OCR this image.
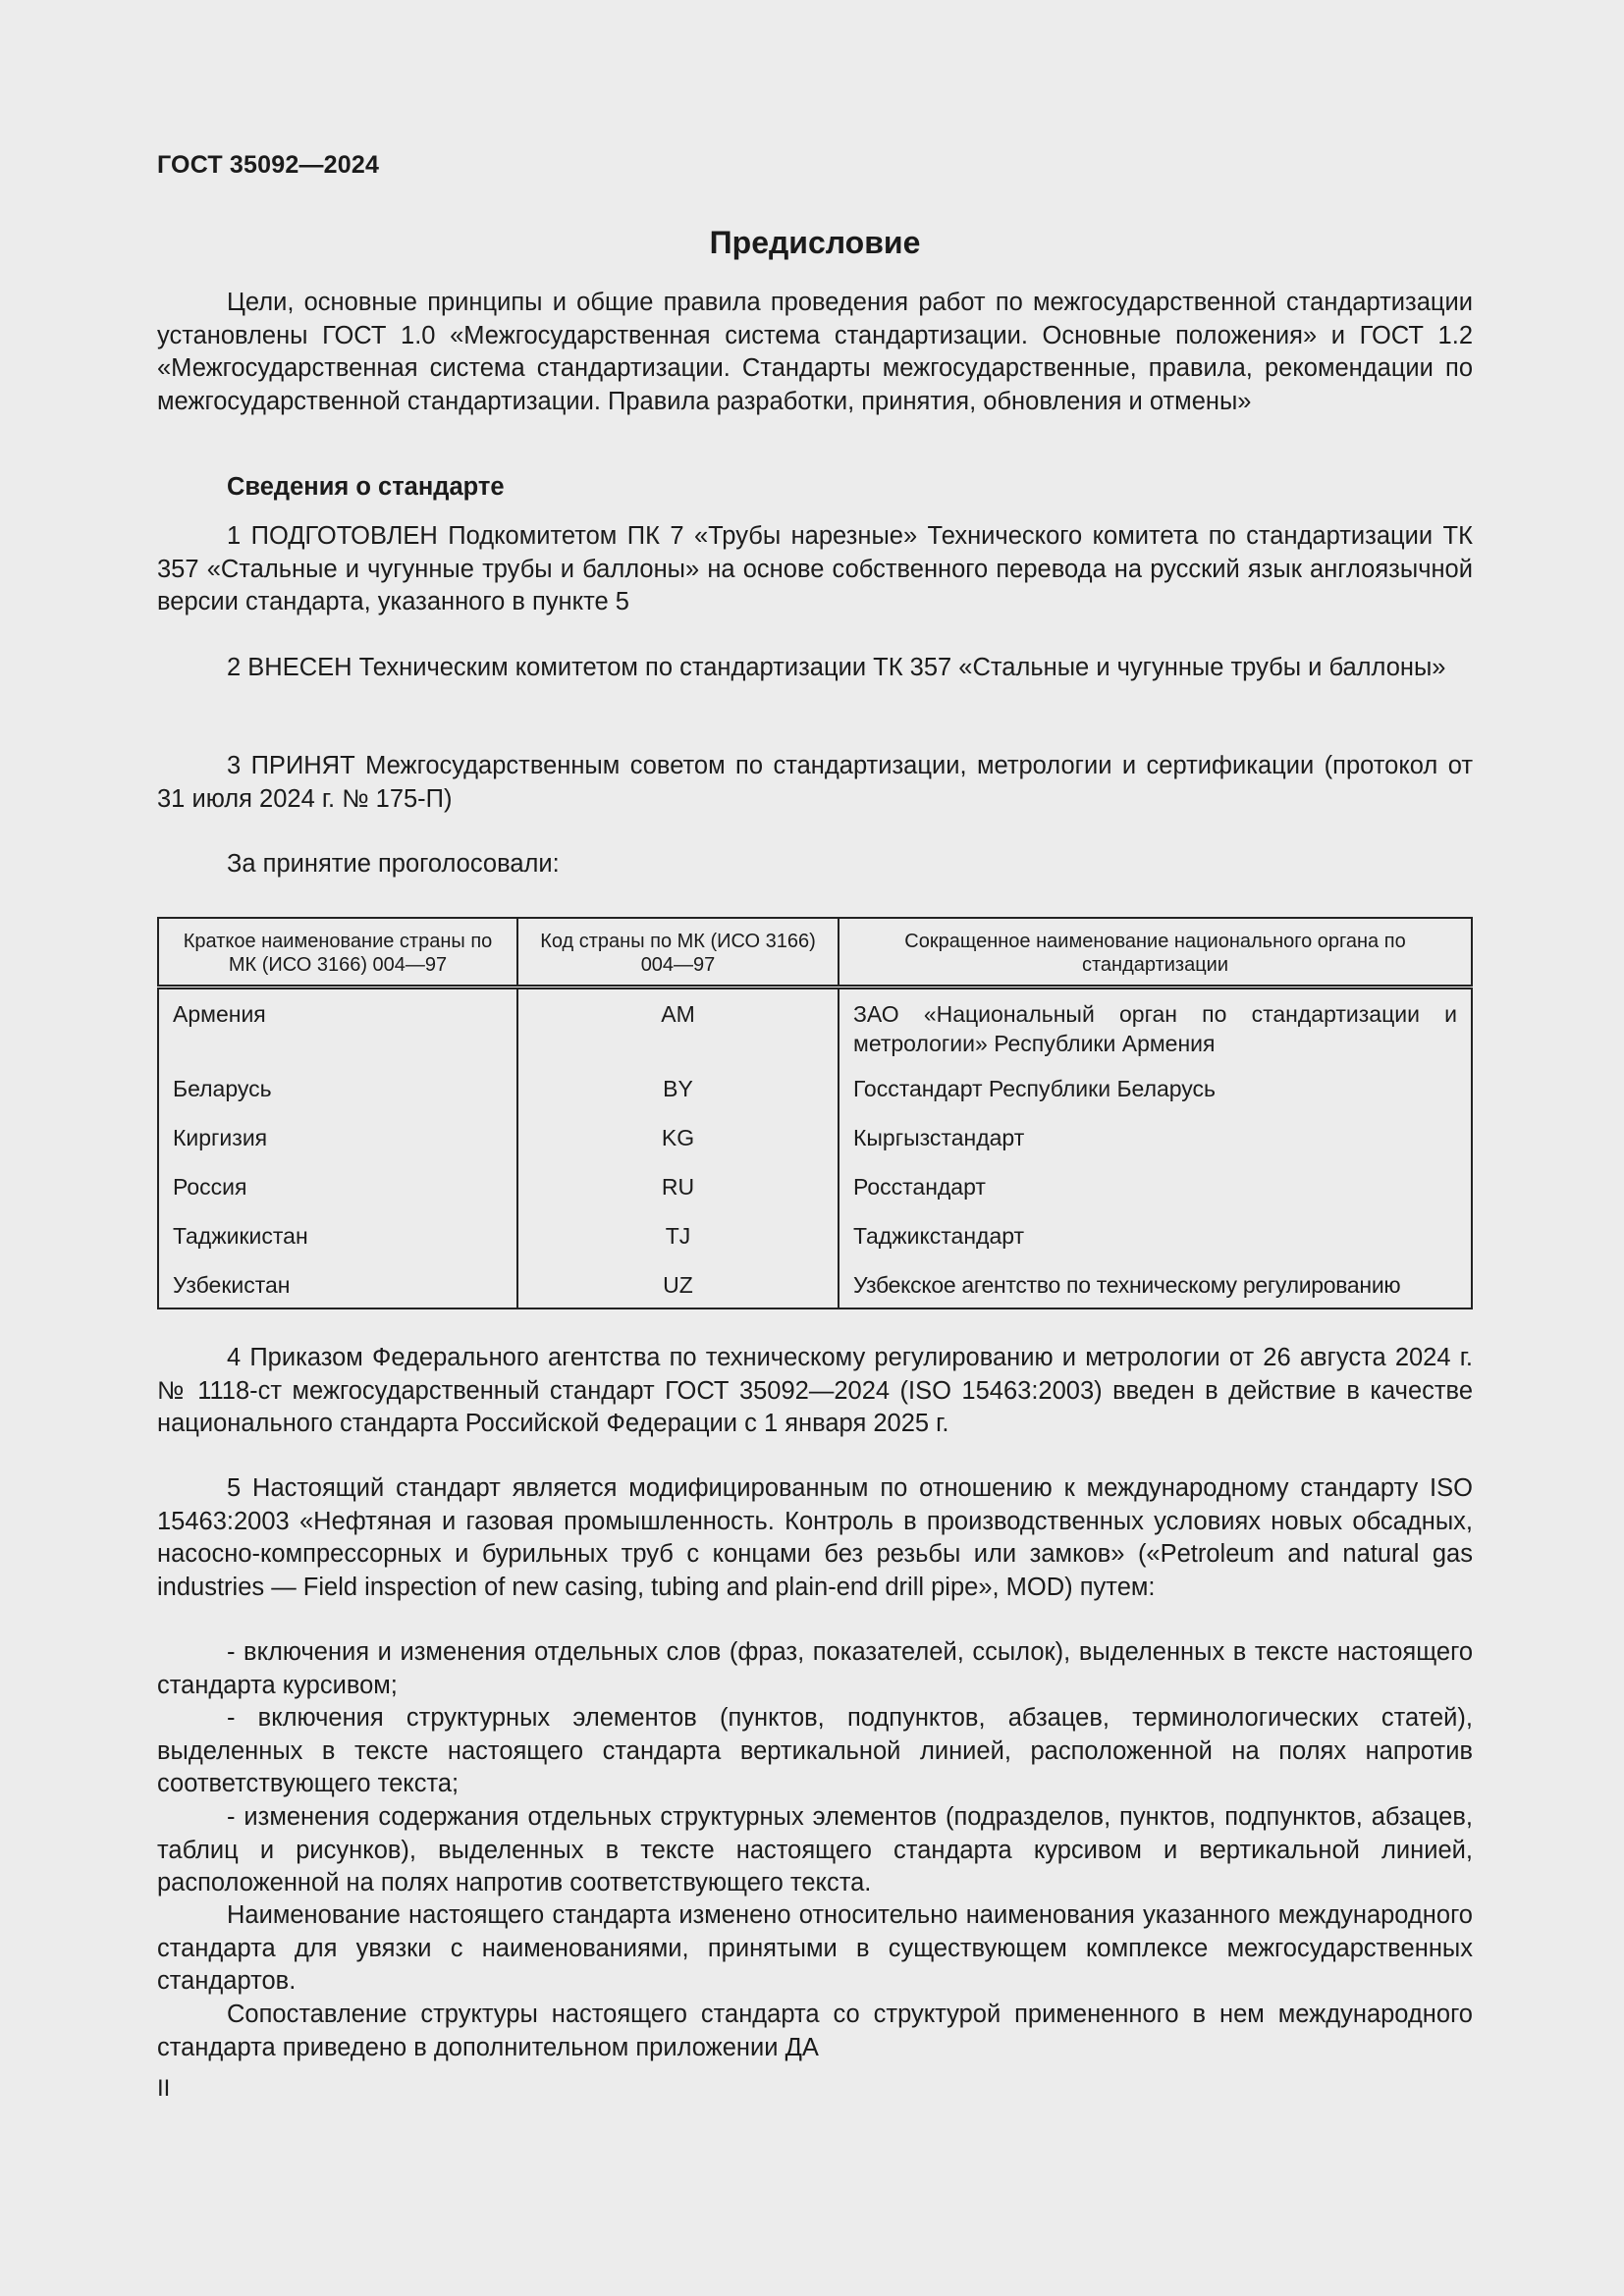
ГОСТ 35092—2024
Предисловие

Цели, основные принципы и общие правила проведения работ по межгосударственной стандартизации установлены ГОСТ 1.0 «Межгосударственная система стандартизации. Основные положения» и ГОСТ 1.2 «Межгосударственная система стандартизации. Стандарты межгосударственные, правила, рекомендации по межгосударственной стандартизации. Правила разработки, принятия, обновления и отмены»

Сведения о стандарте

1 ПОДГОТОВЛЕН Подкомитетом ПК 7 «Трубы нарезные» Технического комитета по стандартизации ТК 357 «Стальные и чугунные трубы и баллоны» на основе собственного перевода на русский язык англоязычной версии стандарта, указанного в пункте 5

2 ВНЕСЕН Техническим комитетом по стандартизации ТК 357 «Стальные и чугунные трубы и баллоны»

3 ПРИНЯТ Межгосударственным советом по стандартизации, метрологии и сертификации (протокол от 31 июля 2024 г. № 175-П)

За принятие проголосовали:

Краткое наименование страны по МК (ИСО 3166) 004—97	Код страны по МК (ИСО 3166) 004—97	Сокращенное наименование национального органа по стандартизации
Армения	AM	ЗАО «Национальный орган по стандартизации и метрологии» Республики Армения
Беларусь	BY	Госстандарт Республики Беларусь
Киргизия	KG	Кыргызстандарт
Россия	RU	Росстандарт
Таджикистан	TJ	Таджикстандарт
Узбекистан	UZ	Узбекское агентство по техническому регулированию

4 Приказом Федерального агентства по техническому регулированию и метрологии от 26 августа 2024 г. № 1118-ст межгосударственный стандарт ГОСТ 35092—2024 (ISO 15463:2003) введен в действие в качестве национального стандарта Российской Федерации с 1 января 2025 г.

5 Настоящий стандарт является модифицированным по отношению к международному стандарту ISO 15463:2003 «Нефтяная и газовая промышленность. Контроль в производственных условиях новых обсадных, насосно-компрессорных и бурильных труб с концами без резьбы или замков» («Petroleum and natural gas industries — Field inspection of new casing, tubing and plain-end drill pipe», MOD) путем:

- включения и изменения отдельных слов (фраз, показателей, ссылок), выделенных в тексте настоящего стандарта курсивом;

- включения структурных элементов (пунктов, подпунктов, абзацев, терминологических статей), выделенных в тексте настоящего стандарта вертикальной линией, расположенной на полях напротив соответствующего текста;

- изменения содержания отдельных структурных элементов (подразделов, пунктов, подпунктов, абзацев, таблиц и рисунков), выделенных в тексте настоящего стандарта курсивом и вертикальной линией, расположенной на полях напротив соответствующего текста.

Наименование настоящего стандарта изменено относительно наименования указанного международного стандарта для увязки с наименованиями, принятыми в существующем комплексе межгосударственных стандартов.

Сопоставление структуры настоящего стандарта со структурой примененного в нем международного стандарта приведено в дополнительном приложении ДА

II
